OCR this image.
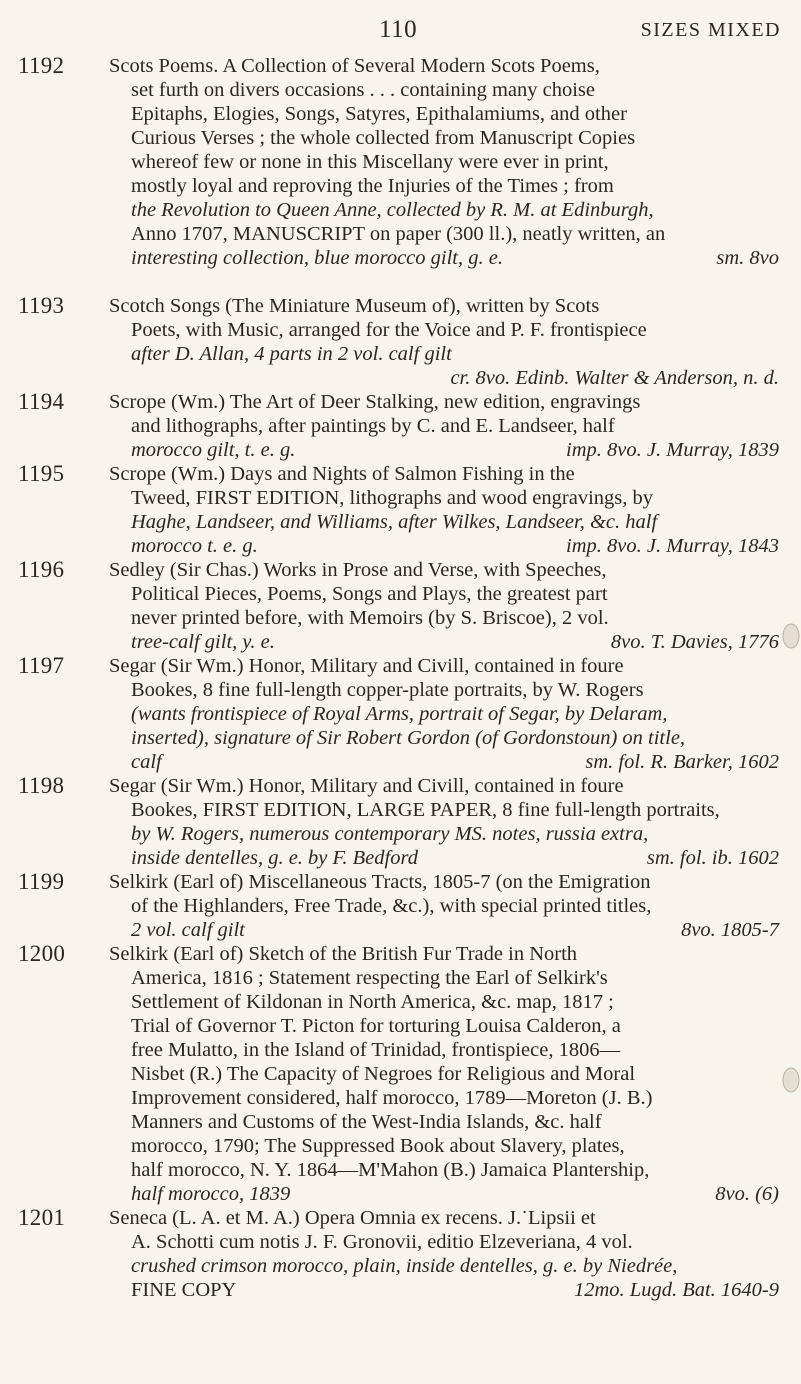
110	SIZES MIXED
1192 Scots Poems. A Collection of Several Modern Scots Poems,
set furth on divers occasions . . . containing many choise
Epitaphs, Elogies, Songs, Satyres, Epithalamiums, and other
Curious Verses ; the whole collected from Manuscript Copies
whereof few or none in this Miscellany were ever in print,
mostly loyal and reproving the Injuries of the Times ; from
the Revolution to Queen Anne, collected by R. M. at Edinburgh,
Anno 1707, MANUSCRIPT on paper (300 ll.), neatly written, an
interesting collection, blue morocco gilt, g. e.	sm. 8vo
1193 Scotch Songs (The Miniature Museum of), written by Scots
Poets, with Music, arranged for the Voice and P. F. frontispiece
after D. Allan, 4 parts in 2 vol. calf gilt
cr. 8vo. Edinb. Walter & Anderson, n. d.
1194 Scrope (Wm.) The Art of Deer Stalking, new edition, engravings
and lithographs, after paintings by C. and E. Landseer, half
morocco gilt, t. e. g.	imp. 8vo. J. Murray, 1839
1195 Scrope (Wm.) Days and Nights of Salmon Fishing in the
Tweed, FIRST EDITION, lithographs and wood engravings, by
Haghe, Landseer, and Williams, after Wilkes, Landseer, &c. half
morocco t. e. g.	imp. 8vo. J. Murray, 1843
1196 Sedley (Sir Chas.) Works in Prose and Verse, with Speeches,
Political Pieces, Poems, Songs and Plays, the greatest part
never printed before, with Memoirs (by S. Briscoe), 2 vol.
tree-calf gilt, y. e.	8vo. T. Davies, 1776
1197 Segar (Sir Wm.) Honor, Military and Civill, contained in foure
Bookes, 8 fine full-length copper-plate portraits, by W. Rogers
(wants frontispiece of Royal Arms, portrait of Segar, by Delaram,
inserted), signature of Sir Robert Gordon (of Gordonstoun) on title,
calf	sm. fol. R. Barker, 1602
1198 Segar (Sir Wm.) Honor, Military and Civill, contained in foure
Bookes, FIRST EDITION, LARGE PAPER, 8 fine full-length portraits,
by W. Rogers, numerous contemporary MS. notes, russia extra,
inside dentelles, g. e. by F. Bedford	sm. fol. ib. 1602
1199 Selkirk (Earl of) Miscellaneous Tracts, 1805-7 (on the Emigration
of the Highlanders, Free Trade, &c.), with special printed titles,
2 vol. calf gilt	8vo. 1805-7
1200 Selkirk (Earl of) Sketch of the British Fur Trade in North
America, 1816 ; Statement respecting the Earl of Selkirk's
Settlement of Kildonan in North America, &c. map, 1817 ;
Trial of Governor T. Picton for torturing Louisa Calderon, a
free Mulatto, in the Island of Trinidad, frontispiece, 1806—
Nisbet (R.) The Capacity of Negroes for Religious and Moral
Improvement considered, half morocco, 1789—Moreton (J. B.)
Manners and Customs of the West-India Islands, &c. half
morocco, 1790; The Suppressed Book about Slavery, plates,
half morocco, N. Y. 1864—M'Mahon (B.) Jamaica Plantership,
half morocco, 1839	8vo. (6)
1201 Seneca (L. A. et M. A.) Opera Omnia ex recens. J.˙Lipsii et
A. Schotti cum notis J. F. Gronovii, editio Elzeveriana, 4 vol.
crushed crimson morocco, plain, inside dentelles, g. e. by Niedrée,
FINE COPY	12mo. Lugd. Bat. 1640-9
